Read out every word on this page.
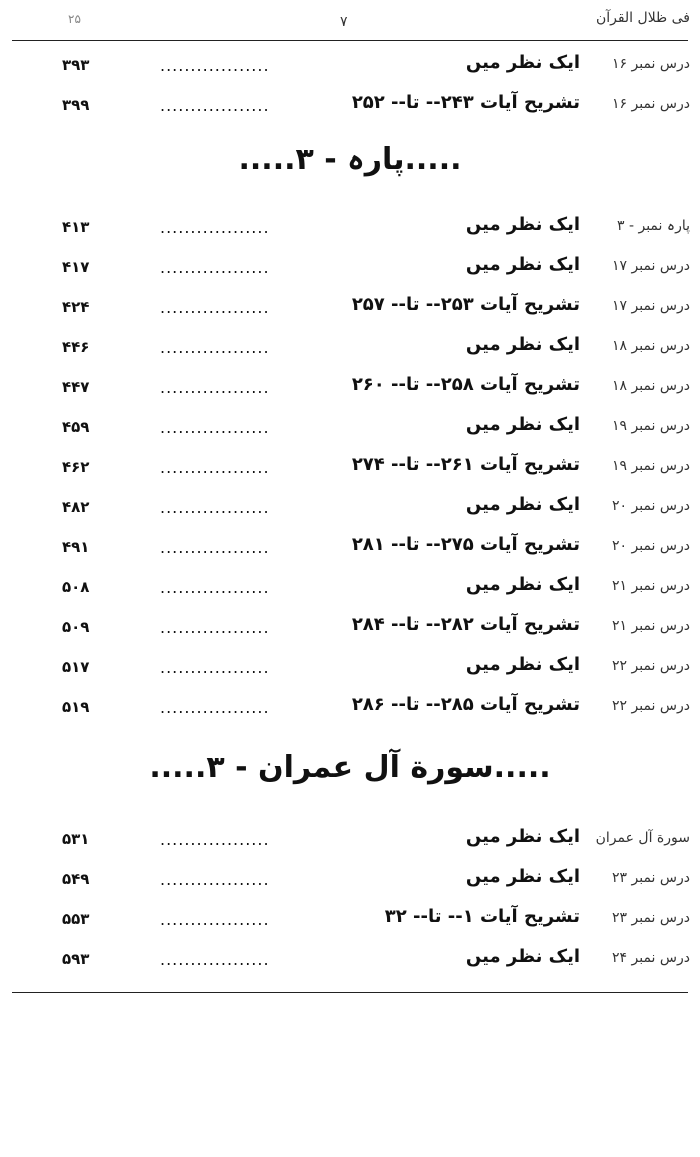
فی ظلال القرآن
۷
۲۵
درس نمبر ۱۶
ایک نظر میں
..................
۳۹۳
درس نمبر ۱۶
تشریح آیات ۲۴۳-- تا-- ۲۵۲
..................
۳۹۹
.....پارہ - ۳.....
پارہ نمبر - ۳
ایک نظر میں
..................
۴۱۳
درس نمبر ۱۷
ایک نظر میں
..................
۴۱۷
درس نمبر ۱۷
تشریح آیات ۲۵۳-- تا-- ۲۵۷
..................
۴۲۴
درس نمبر ۱۸
ایک نظر میں
..................
۴۴۶
درس نمبر ۱۸
تشریح آیات ۲۵۸-- تا-- ۲۶۰
..................
۴۴۷
درس نمبر ۱۹
ایک نظر میں
..................
۴۵۹
درس نمبر ۱۹
تشریح آیات ۲۶۱-- تا-- ۲۷۴
..................
۴۶۲
درس نمبر ۲۰
ایک نظر میں
..................
۴۸۲
درس نمبر ۲۰
تشریح آیات ۲۷۵-- تا-- ۲۸۱
..................
۴۹۱
درس نمبر ۲۱
ایک نظر میں
..................
۵۰۸
درس نمبر ۲۱
تشریح آیات ۲۸۲-- تا-- ۲۸۴
..................
۵۰۹
درس نمبر ۲۲
ایک نظر میں
..................
۵۱۷
درس نمبر ۲۲
تشریح آیات ۲۸۵-- تا-- ۲۸۶
..................
۵۱۹
.....سورة آل عمران - ۳.....
سورة آل عمران
ایک نظر میں
..................
۵۳۱
درس نمبر ۲۳
ایک نظر میں
..................
۵۴۹
درس نمبر ۲۳
تشریح آیات ۱-- تا-- ۳۲
..................
۵۵۳
درس نمبر ۲۴
ایک نظر میں
..................
۵۹۳
